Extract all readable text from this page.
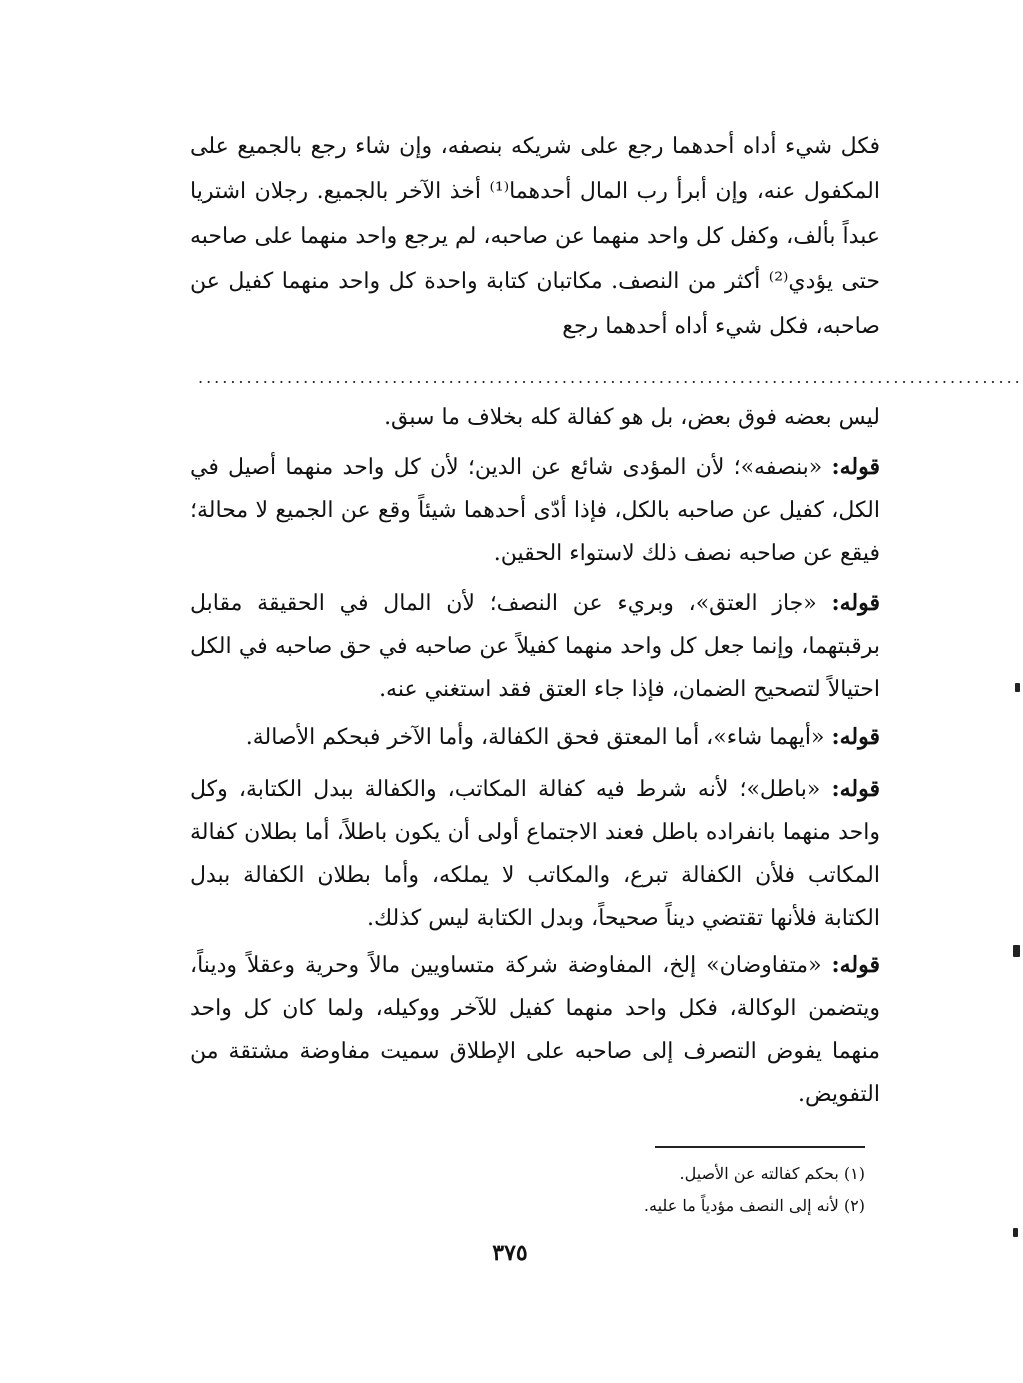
فكل شيء أداه أحدهما رجع على شريكه بنصفه، وإن شاء رجع بالجميع على المكفول عنه، وإن أبرأ رب المال أحدهما⁽¹⁾ أخذ الآخر بالجميع. رجلان اشتريا عبداً بألف، وكفل كل واحد منهما عن صاحبه، لم يرجع واحد منهما على صاحبه حتى يؤدي⁽²⁾ أكثر من النصف. مكاتبان كتابة واحدة كل واحد منهما كفيل عن صاحبه، فكل شيء أداه أحدهما رجع
......................................................................................................
ليس بعضه فوق بعض، بل هو كفالة كله بخلاف ما سبق.
قوله: «بنصفه»؛ لأن المؤدى شائع عن الدين؛ لأن كل واحد منهما أصيل في الكل، كفيل عن صاحبه بالكل، فإذا أدّى أحدهما شيئاً وقع عن الجميع لا محالة؛ فيقع عن صاحبه نصف ذلك لاستواء الحقين.
قوله: «جاز العتق»، وبريء عن النصف؛ لأن المال في الحقيقة مقابل برقبتهما، وإنما جعل كل واحد منهما كفيلاً عن صاحبه في حق صاحبه في الكل احتيالاً لتصحيح الضمان، فإذا جاء العتق فقد استغني عنه.
قوله: «أيهما شاء»، أما المعتق فحق الكفالة، وأما الآخر فبحكم الأصالة.
قوله: «باطل»؛ لأنه شرط فيه كفالة المكاتب، والكفالة ببدل الكتابة، وكل واحد منهما بانفراده باطل فعند الاجتماع أولى أن يكون باطلاً، أما بطلان كفالة المكاتب فلأن الكفالة تبرع، والمكاتب لا يملكه، وأما بطلان الكفالة ببدل الكتابة فلأنها تقتضي ديناً صحيحاً، وبدل الكتابة ليس كذلك.
قوله: «متفاوضان» إلخ، المفاوضة شركة متساويين مالاً وحرية وعقلاً وديناً، ويتضمن الوكالة، فكل واحد منهما كفيل للآخر ووكيله، ولما كان كل واحد منهما يفوض التصرف إلى صاحبه على الإطلاق سميت مفاوضة مشتقة من التفويض.
(١) بحكم كفالته عن الأصيل.
(٢) لأنه إلى النصف مؤدياً ما عليه.
٣٧٥
